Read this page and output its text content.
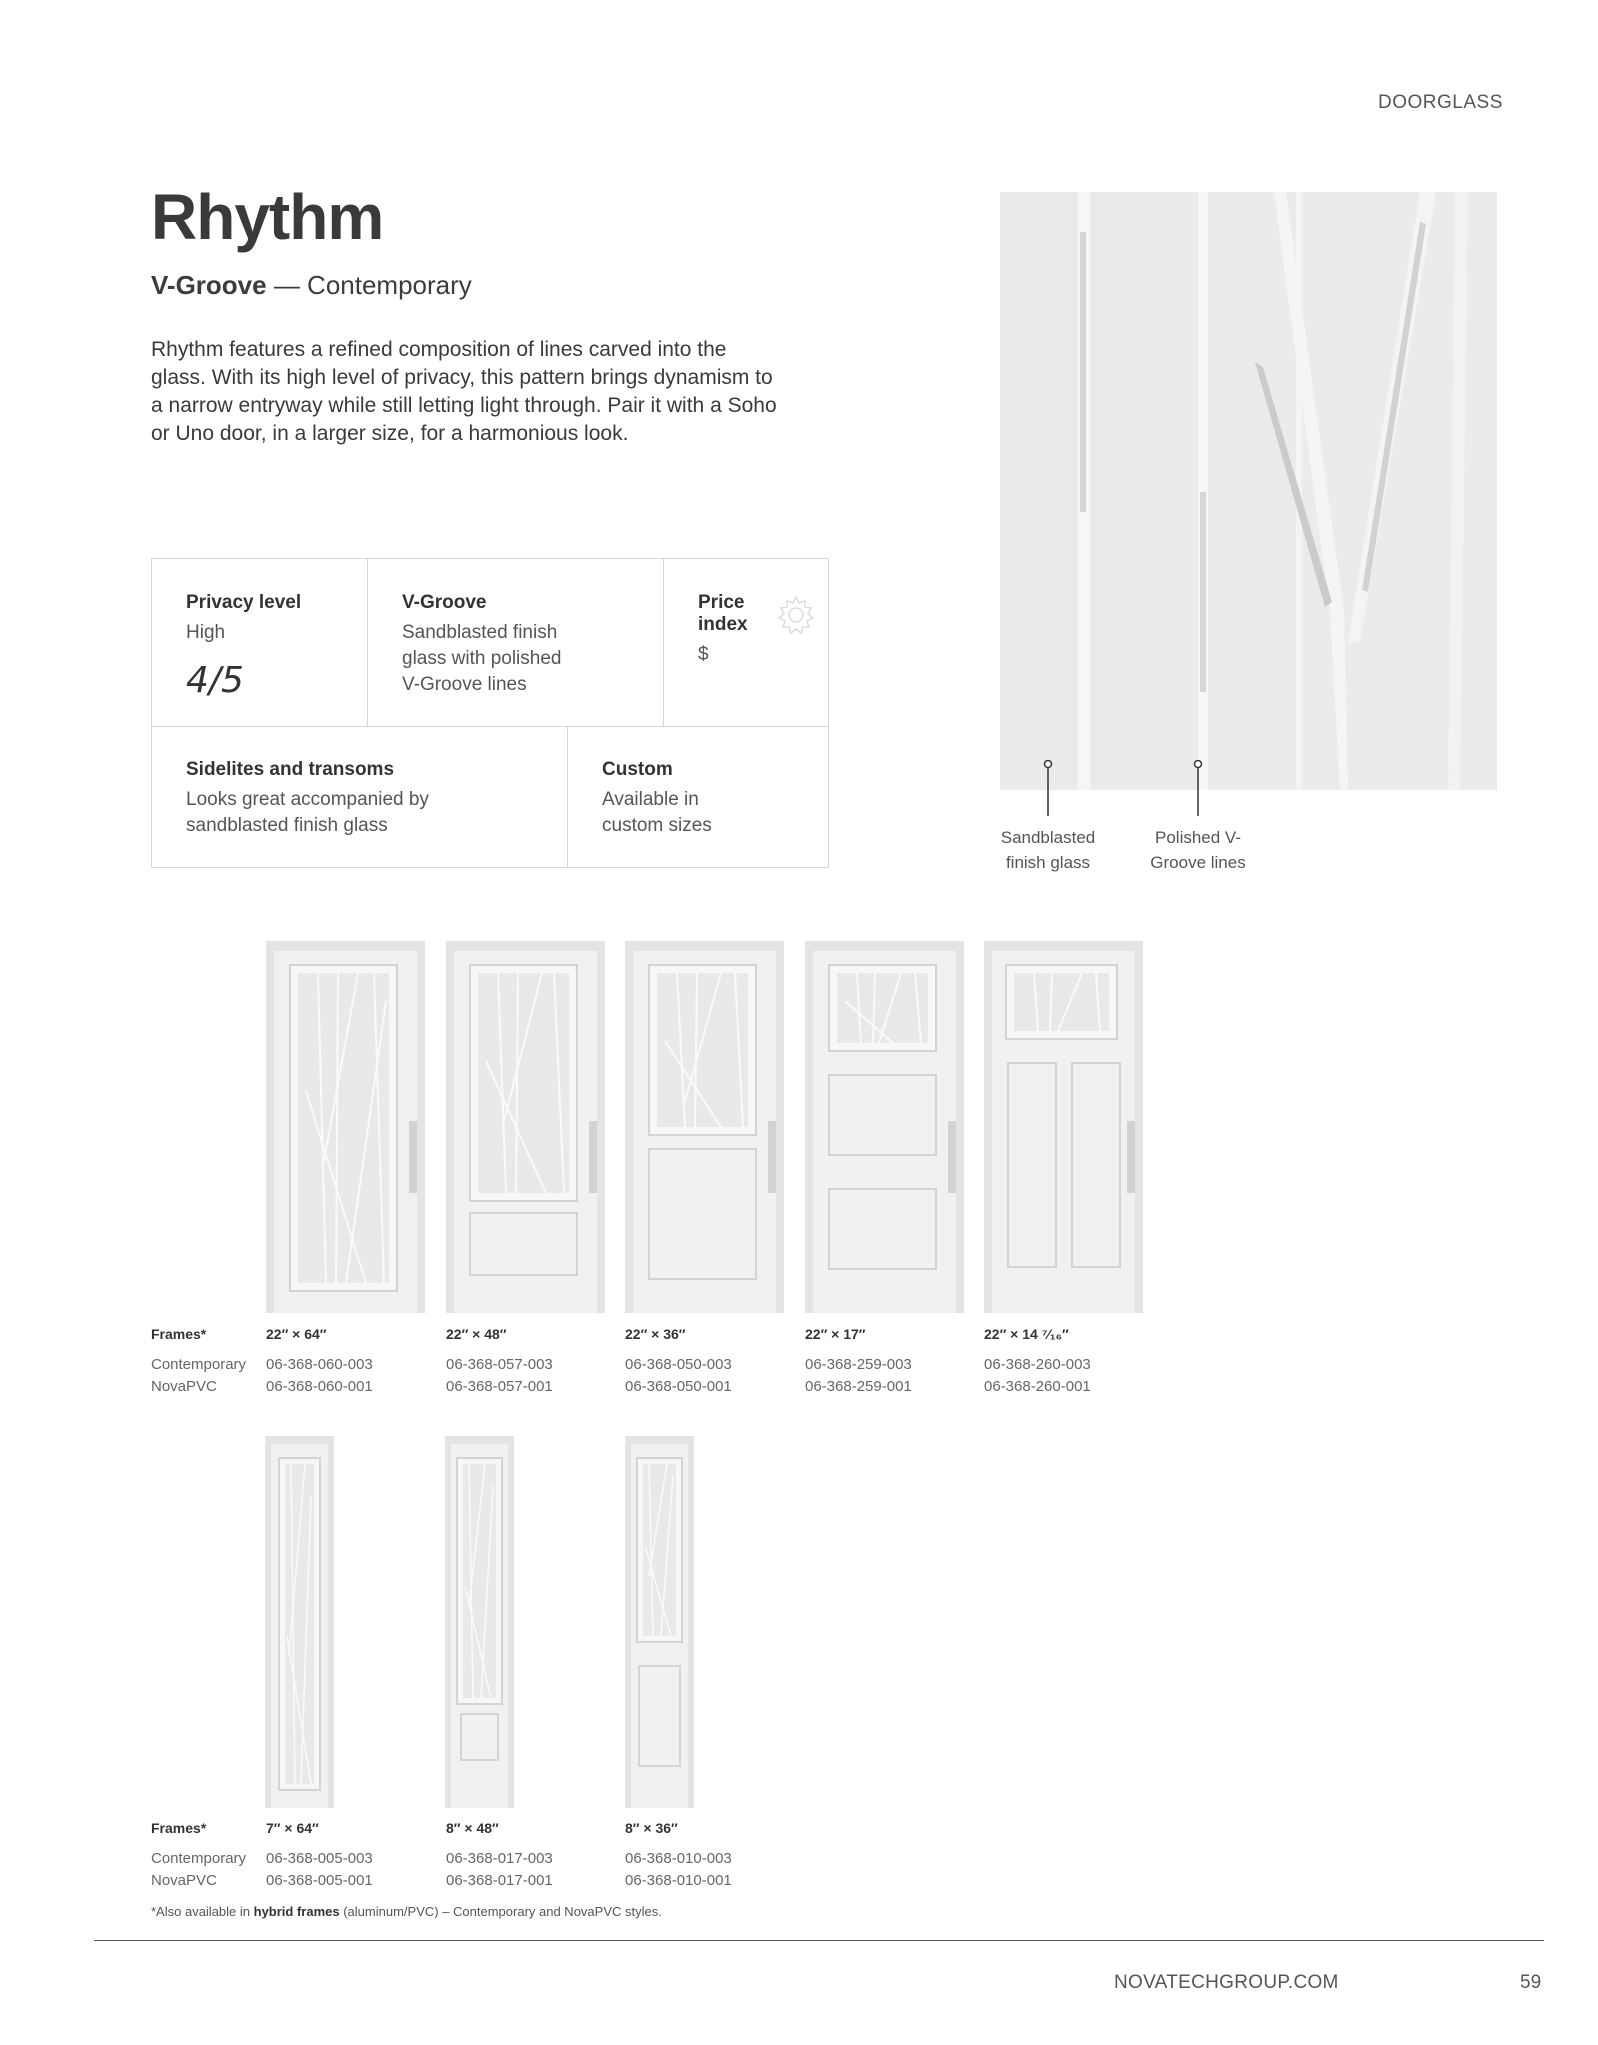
DOORGLASS
Rhythm
V-Groove — Contemporary
Rhythm features a refined composition of lines carved into the glass. With its high level of privacy, this pattern brings dynamism to a narrow entryway while still letting light through. Pair it with a Soho or Uno door, in a larger size, for a harmonious look.
Privacy level
High
4/5
V-Groove
Sandblasted finish glass with polished V-Groove lines
Price index
$
Sidelites and transoms
Looks great accompanied by sandblasted finish glass
Custom
Available in custom sizes
Sandblasted finish glass
Polished V-Groove lines
Frames*
Contemporary
NovaPVC
22″ × 64″
06-368-060-003
06-368-060-001
22″ × 48″
06-368-057-003
06-368-057-001
22″ × 36″
06-368-050-003
06-368-050-001
22″ × 17″
06-368-259-003
06-368-259-001
22″ × 14 ⁷⁄₁₆″
06-368-260-003
06-368-260-001
Frames*
Contemporary
NovaPVC
7″ × 64″
06-368-005-003
06-368-005-001
8″ × 48″
06-368-017-003
06-368-017-001
8″ × 36″
06-368-010-003
06-368-010-001
*Also available in hybrid frames (aluminum/PVC) – Contemporary and NovaPVC styles.
NOVATECHGROUP.COM	59
